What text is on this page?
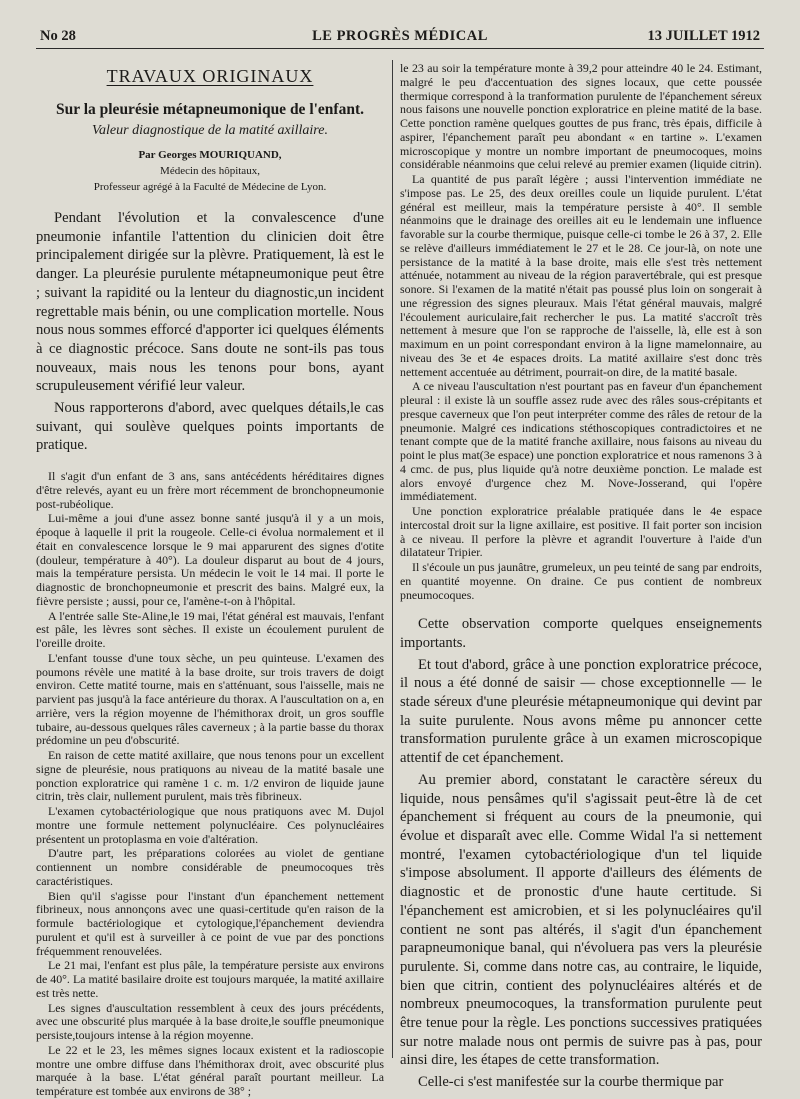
No 28	LE PROGRÈS MÉDICAL	13 JUILLET 1912
TRAVAUX ORIGINAUX
Sur la pleurésie métapneumonique de l'enfant.
Valeur diagnostique de la matité axillaire.
Par Georges MOURIQUAND,
Médecin des hôpitaux,
Professeur agrégé à la Faculté de Médecine de Lyon.

Pendant l'évolution et la convalescence d'une pneumonie infantile l'attention du clinicien doit être principalement dirigée sur la plèvre. Pratiquement, là est le danger. La pleurésie purulente métapneumonique peut être ; suivant la rapidité ou la lenteur du diagnostic,un incident regrettable mais bénin, ou une complication mortelle. Nous nous nous sommes efforcé d'apporter ici quelques éléments à ce diagnostic précoce. Sans doute ne sont-ils pas tous nouveaux, mais nous les tenons pour bons, ayant scrupuleusement vérifié leur valeur.

Nous rapporterons d'abord, avec quelques détails,le cas suivant, qui soulève quelques points importants de pratique.

Il s'agit d'un enfant de 3 ans, sans antécédents héréditaires dignes d'être relevés, ayant eu un frère mort récemment de bronchopneumonie post-rubéolique.

Lui-même a joui d'une assez bonne santé jusqu'à il y a un mois, époque à laquelle il prit la rougeole. Celle-ci évolua normalement et il était en convalescence lorsque le 9 mai apparurent des signes d'otite (douleur, température à 40°). La douleur disparut au bout de 4 jours, mais la température persista. Un médecin le voit le 14 mai. Il porte le diagnostic de bronchopneumonie et prescrit des bains. Malgré eux, la fièvre persiste ; aussi, pour ce, l'amène-t-on à l'hôpital.

A l'entrée salle Ste-Aline,le 19 mai, l'état général est mauvais, l'enfant est pâle, les lèvres sont sèches. Il existe un écoulement purulent de l'oreille droite.

L'enfant tousse d'une toux sèche, un peu quinteuse. L'examen des poumons révèle une matité à la base droite, sur trois travers de doigt environ. Cette matité tourne, mais en s'atténuant, sous l'aisselle, mais ne parvient pas jusqu'à la face antérieure du thorax. A l'auscultation on a, en arrière, vers la région moyenne de l'hémithorax droit, un gros souffle tubaire, au-dessous quelques râles caverneux ; à la partie basse du thorax prédomine un peu d'obscurité.

En raison de cette matité axillaire, que nous tenons pour un excellent signe de pleurésie, nous pratiquons au niveau de la matité basale une ponction exploratrice qui ramène 1 c. m. 1/2 environ de liquide jaune citrin, très clair, nullement purulent, mais très fibrineux.

L'examen cytobactériologique que nous pratiquons avec M. Dujol montre une formule nettement polynucléaire. Ces polynucléaires présentent un protoplasma en voie d'altération.

D'autre part, les préparations colorées au violet de gentiane contiennent un nombre considérable de pneumocoques très caractéristiques.

Bien qu'il s'agisse pour l'instant d'un épanchement nettement fibrineux, nous annonçons avec une quasi-certitude qu'en raison de la formule bactériologique et cytologique,l'épanchement deviendra purulent et qu'il est à surveiller à ce point de vue par des ponctions fréquemment renouvelées.

Le 21 mai, l'enfant est plus pâle, la température persiste aux environs de 40°. La matité basilaire droite est toujours marquée, la matité axillaire est très nette.

Les signes d'auscultation ressemblent à ceux des jours précédents, avec une obscurité plus marquée à la base droite,le souffle pneumonique persiste,toujours intense à la région moyenne.

Le 22 et le 23, les mêmes signes locaux existent et la radioscopie montre une ombre diffuse dans l'hémithorax droit, avec obscurité plus marquée à la base. L'état général paraît pourtant meilleur. La température est tombée aux environs de 38° ;

le 23 au soir la température monte à 39,2 pour atteindre 40 le 24. Estimant, malgré le peu d'accentuation des signes locaux, que cette poussée thermique correspond à la tranformation purulente de l'épanchement séreux nous faisons une nouvelle ponction exploratrice en pleine matité de la base. Cette ponction ramène quelques gouttes de pus franc, très épais, difficile à aspirer, l'épanchement paraît peu abondant « en tartine ». L'examen microscopique y montre un nombre important de pneumocoques, moins considérable néanmoins que celui relevé au premier examen (liquide citrin).

La quantité de pus paraît légère ; aussi l'intervention immédiate ne s'impose pas. Le 25, des deux oreilles coule un liquide purulent. L'état général est meilleur, mais la température persiste à 40°. Il semble néanmoins que le drainage des oreilles ait eu le lendemain une influence favorable sur la courbe thermique, puisque celle-ci tombe le 26 à 37, 2. Elle se relève d'ailleurs immédiatement le 27 et le 28. Ce jour-là, on note une persistance de la matité à la base droite, mais elle s'est très nettement atténuée, notamment au niveau de la région paravertébrale, qui est presque sonore. Si l'examen de la matité n'était pas poussé plus loin on songerait à une régression des signes pleuraux. Mais l'état général mauvais, malgré l'écoulement auriculaire,fait rechercher le pus. La matité s'accroît très nettement à mesure que l'on se rapproche de l'aisselle, là, elle est à son maximum en un point correspondant environ à la ligne mamelonnaire, au niveau des 3e et 4e espaces droits. La matité axillaire s'est donc très nettement accentuée au détriment, pourrait-on dire, de la matité basale.

A ce niveau l'auscultation n'est pourtant pas en faveur d'un épanchement pleural : il existe là un souffle assez rude avec des râles sous-crépitants et presque caverneux que l'on peut interpréter comme des râles de retour de la pneumonie. Malgré ces indications stéthoscopiques contradictoires et ne tenant compte que de la matité franche axillaire, nous faisons au niveau du point le plus mat(3e espace) une ponction exploratrice et nous ramenons 3 à 4 cmc. de pus, plus liquide qu'à notre deuxième ponction. Le malade est alors envoyé d'urgence chez M. Nove-Josserand, qui l'opère immédiatement.

Une ponction exploratrice préalable pratiquée dans le 4e espace intercostal droit sur la ligne axillaire, est positive. Il fait porter son incision à ce niveau. Il perfore la plèvre et agrandit l'ouverture à l'aide d'un dilatateur Tripier.

Il s'écoule un pus jaunâtre, grumeleux, un peu teinté de sang par endroits, en quantité moyenne. On draine. Ce pus contient de nombreux pneumocoques.

Cette observation comporte quelques enseignements importants.

Et tout d'abord, grâce à une ponction exploratrice précoce, il nous a été donné de saisir — chose exceptionnelle — le stade séreux d'une pleurésie métapneumonique qui devint par la suite purulente. Nous avons même pu annoncer cette transformation purulente grâce à un examen microscopique attentif de cet épanchement.

Au premier abord, constatant le caractère séreux du liquide, nous pensâmes qu'il s'agissait peut-être là de cet épanchement si fréquent au cours de la pneumonie, qui évolue et disparaît avec elle. Comme Widal l'a si nettement montré, l'examen cytobactériologique d'un tel liquide s'impose absolument. Il apporte d'ailleurs des éléments de diagnostic et de pronostic d'une haute certitude. Si l'épanchement est amicrobien, et si les polynucléaires qu'il contient ne sont pas altérés, il s'agit d'un épanchement parapneumonique banal, qui n'évoluera pas vers la pleurésie purulente. Si, comme dans notre cas, au contraire, le liquide, bien que citrin, contient des polynucléaires altérés et de nombreux pneumocoques, la transformation purulente peut être tenue pour la règle. Les ponctions successives pratiquées sur notre malade nous ont permis de suivre pas à pas, pour ainsi dire, les étapes de cette transformation.

Celle-ci s'est manifestée sur la courbe thermique par
